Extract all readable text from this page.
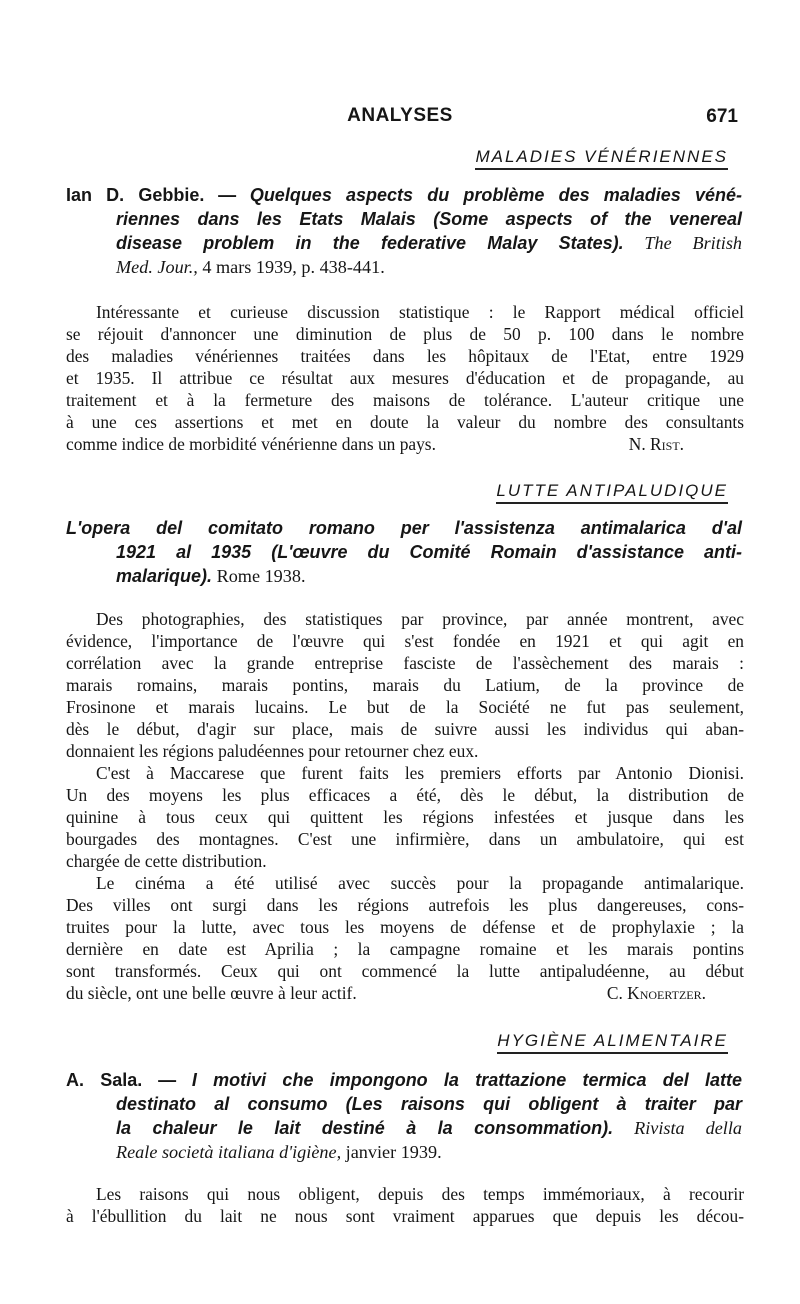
ANALYSES	671
MALADIES VÉNÉRIENNES
Ian D. Gebbie. — Quelques aspects du problème des maladies véné-
riennes dans les Etats Malais (Some aspects of the venereal
disease problem in the federative Malay States). The British
Med. Jour., 4 mars 1939, p. 438-441.
Intéressante et curieuse discussion statistique : le Rapport médical officiel
se réjouit d'annoncer une diminution de plus de 50 p. 100 dans le nombre
des maladies vénériennes traitées dans les hôpitaux de l'Etat, entre 1929
et 1935. Il attribue ce résultat aux mesures d'éducation et de propagande, au
traitement et à la fermeture des maisons de tolérance. L'auteur critique une
à une ces assertions et met en doute la valeur du nombre des consultants
comme indice de morbidité vénérienne dans un pays.	N. Rist.
LUTTE ANTIPALUDIQUE
L'opera del comitato romano per l'assistenza antimalarica d'al
1921 al 1935 (L'œuvre du Comité Romain d'assistance anti-
malarique). Rome 1938.
Des photographies, des statistiques par province, par année montrent, avec
évidence, l'importance de l'œuvre qui s'est fondée en 1921 et qui agit en
corrélation avec la grande entreprise fasciste de l'assèchement des marais :
marais romains, marais pontins, marais du Latium, de la province de
Frosinone et marais lucains. Le but de la Société ne fut pas seulement,
dès le début, d'agir sur place, mais de suivre aussi les individus qui aban-
donnaient les régions paludéennes pour retourner chez eux.
C'est à Maccarese que furent faits les premiers efforts par Antonio Dionisi.
Un des moyens les plus efficaces a été, dès le début, la distribution de
quinine à tous ceux qui quittent les régions infestées et jusque dans les
bourgades des montagnes. C'est une infirmière, dans un ambulatoire, qui est
chargée de cette distribution.
Le cinéma a été utilisé avec succès pour la propagande antimalarique.
Des villes ont surgi dans les régions autrefois les plus dangereuses, cons-
truites pour la lutte, avec tous les moyens de défense et de prophylaxie ; la
dernière en date est Aprilia ; la campagne romaine et les marais pontins
sont transformés. Ceux qui ont commencé la lutte antipaludéenne, au début
du siècle, ont une belle œuvre à leur actif.	C. Knoertzer.
HYGIÈNE ALIMENTAIRE
A. Sala. — I motivi che impongono la trattazione termica del latte
destinato al consumo (Les raisons qui obligent à traiter par
la chaleur le lait destiné à la consommation). Rivista della
Reale società italiana d'igiène, janvier 1939.
Les raisons qui nous obligent, depuis des temps immémoriaux, à recourir
à l'ébullition du lait ne nous sont vraiment apparues que depuis les décou-
